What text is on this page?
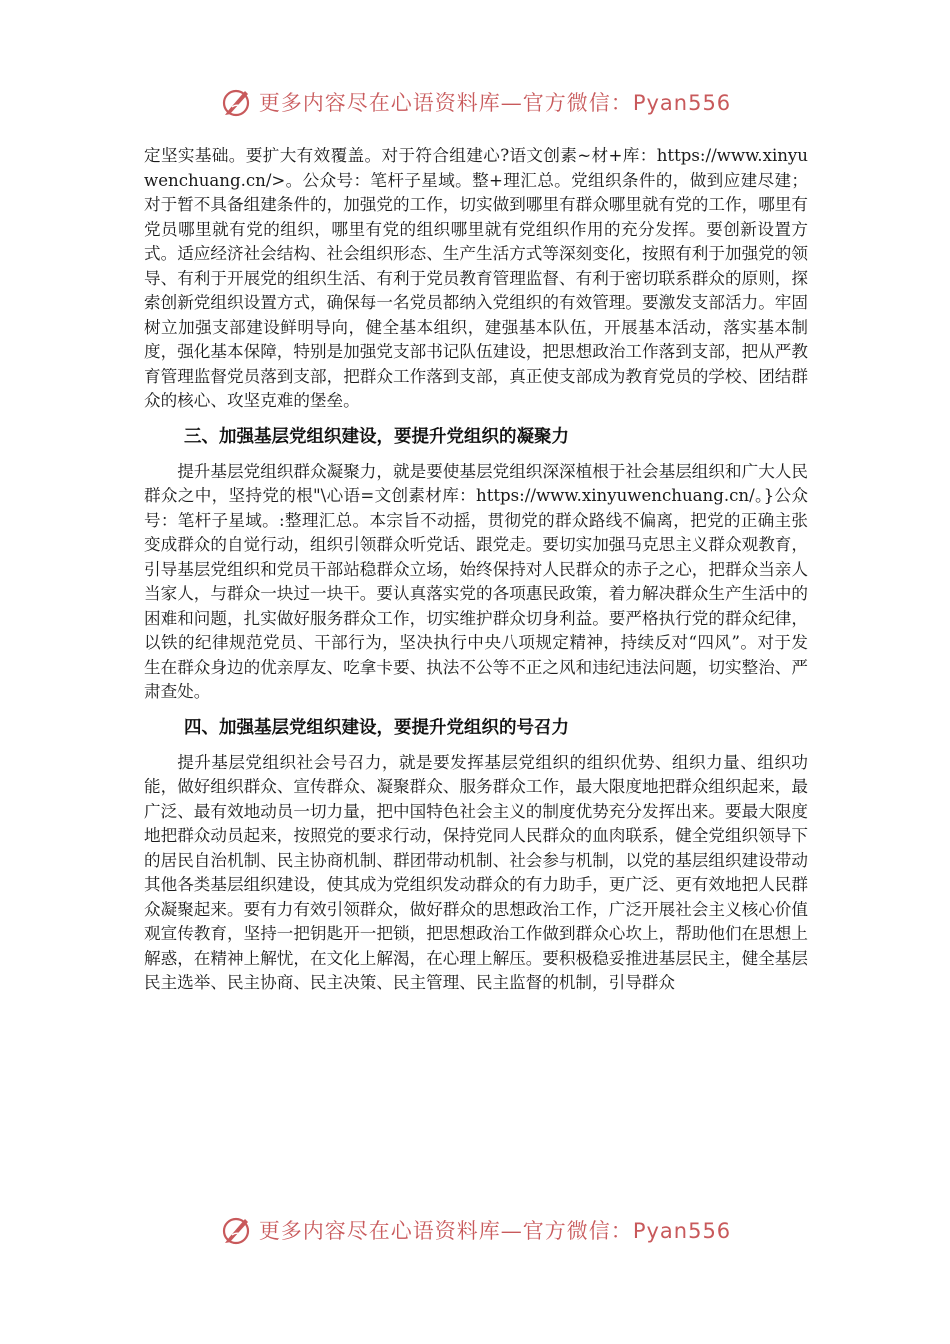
更多内容尽在心语资料库—官方微信：Pyan556

定坚实基础。要扩大有效覆盖。对于符合组建心?语文创素~材+库：https://www.xinyuwenchuang.cn/>。公众号：笔杆子星域。整+理汇总。党组织条件的，做到应建尽建；对于暂不具备组建条件的，加强党的工作，切实做到哪里有群众哪里就有党的工作，哪里有党员哪里就有党的组织，哪里有党的组织哪里就有党组织作用的充分发挥。要创新设置方式。适应经济社会结构、社会组织形态、生产生活方式等深刻变化，按照有利于加强党的领导、有利于开展党的组织生活、有利于党员教育管理监督、有利于密切联系群众的原则，探索创新党组织设置方式，确保每一名党员都纳入党组织的有效管理。要激发支部活力。牢固树立加强支部建设鲜明导向，健全基本组织，建强基本队伍，开展基本活动，落实基本制度，强化基本保障，特别是加强党支部书记队伍建设，把思想政治工作落到支部，把从严教育管理监督党员落到支部，把群众工作落到支部，真正使支部成为教育党员的学校、团结群众的核心、攻坚克难的堡垒。

三、加强基层党组织建设，要提升党组织的凝聚力

提升基层党组织群众凝聚力，就是要使基层党组织深深植根于社会基层组织和广大人民群众之中，坚持党的根"\心语=文创素材库：https://www.xinyuwenchuang.cn/。}公众号：笔杆子星域。:整理汇总。本宗旨不动摇，贯彻党的群众路线不偏离，把党的正确主张变成群众的自觉行动，组织引领群众听党话、跟党走。要切实加强马克思主义群众观教育，引导基层党组织和党员干部站稳群众立场，始终保持对人民群众的赤子之心，把群众当亲人当家人，与群众一块过一块干。要认真落实党的各项惠民政策，着力解决群众生产生活中的困难和问题，扎实做好服务群众工作，切实维护群众切身利益。要严格执行党的群众纪律，以铁的纪律规范党员、干部行为，坚决执行中央八项规定精神，持续反对“四风”。对于发生在群众身边的优亲厚友、吃拿卡要、执法不公等不正之风和违纪违法问题，切实整治、严肃查处。

四、加强基层党组织建设，要提升党组织的号召力

提升基层党组织社会号召力，就是要发挥基层党组织的组织优势、组织力量、组织功能，做好组织群众、宣传群众、凝聚群众、服务群众工作，最大限度地把群众组织起来，最广泛、最有效地动员一切力量，把中国特色社会主义的制度优势充分发挥出来。要最大限度地把群众动员起来，按照党的要求行动，保持党同人民群众的血肉联系，健全党组织领导下的居民自治机制、民主协商机制、群团带动机制、社会参与机制，以党的基层组织建设带动其他各类基层组织建设，使其成为党组织发动群众的有力助手，更广泛、更有效地把人民群众凝聚起来。要有力有效引领群众，做好群众的思想政治工作，广泛开展社会主义核心价值观宣传教育，坚持一把钥匙开一把锁，把思想政治工作做到群众心坎上，帮助他们在思想上解惑，在精神上解忧，在文化上解渴，在心理上解压。要积极稳妥推进基层民主，健全基层民主选举、民主协商、民主决策、民主管理、民主监督的机制，引导群众

更多内容尽在心语资料库—官方微信：Pyan556
